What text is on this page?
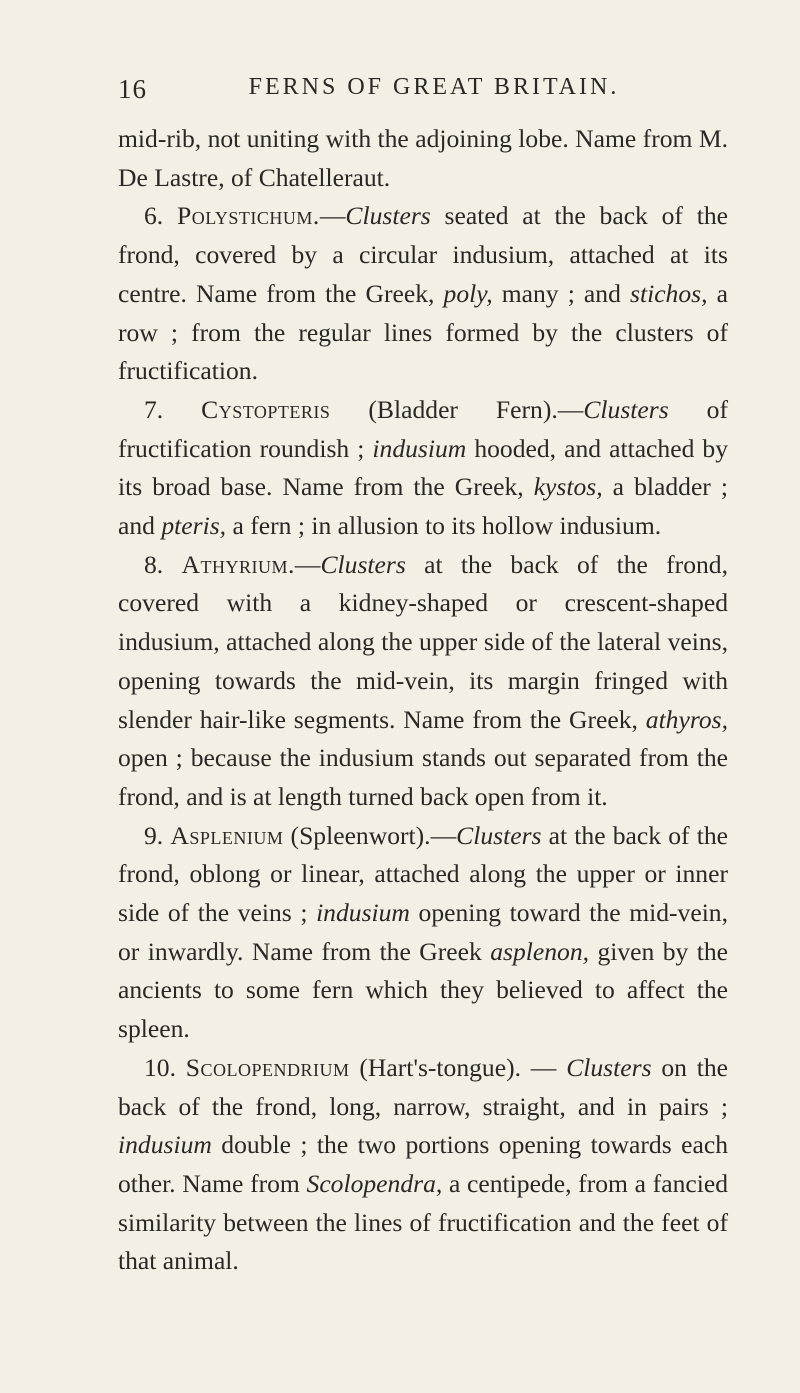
16	FERNS OF GREAT BRITAIN.

mid-rib, not uniting with the adjoining lobe. Name from M. De Lastre, of Chatelleraut.

6. Polystichum.—Clusters seated at the back of the frond, covered by a circular indusium, attached at its centre. Name from the Greek, poly, many ; and stichos, a row ; from the regular lines formed by the clusters of fructification.

7. Cystopteris (Bladder Fern).—Clusters of fructification roundish ; indusium hooded, and attached by its broad base. Name from the Greek, kystos, a bladder ; and pteris, a fern ; in allusion to its hollow indusium.

8. Athyrium.—Clusters at the back of the frond, covered with a kidney-shaped or crescent-shaped indusium, attached along the upper side of the lateral veins, opening towards the mid-vein, its margin fringed with slender hair-like segments. Name from the Greek, athyros, open ; because the indusium stands out separated from the frond, and is at length turned back open from it.

9. Asplenium (Spleenwort).—Clusters at the back of the frond, oblong or linear, attached along the upper or inner side of the veins ; indusium opening toward the mid-vein, or inwardly. Name from the Greek asplenon, given by the ancients to some fern which they believed to affect the spleen.

10. Scolopendrium (Hart's-tongue). — Clusters on the back of the frond, long, narrow, straight, and in pairs ; indusium double ; the two portions opening towards each other. Name from Scolopendra, a centipede, from a fancied similarity between the lines of fructification and the feet of that animal.
